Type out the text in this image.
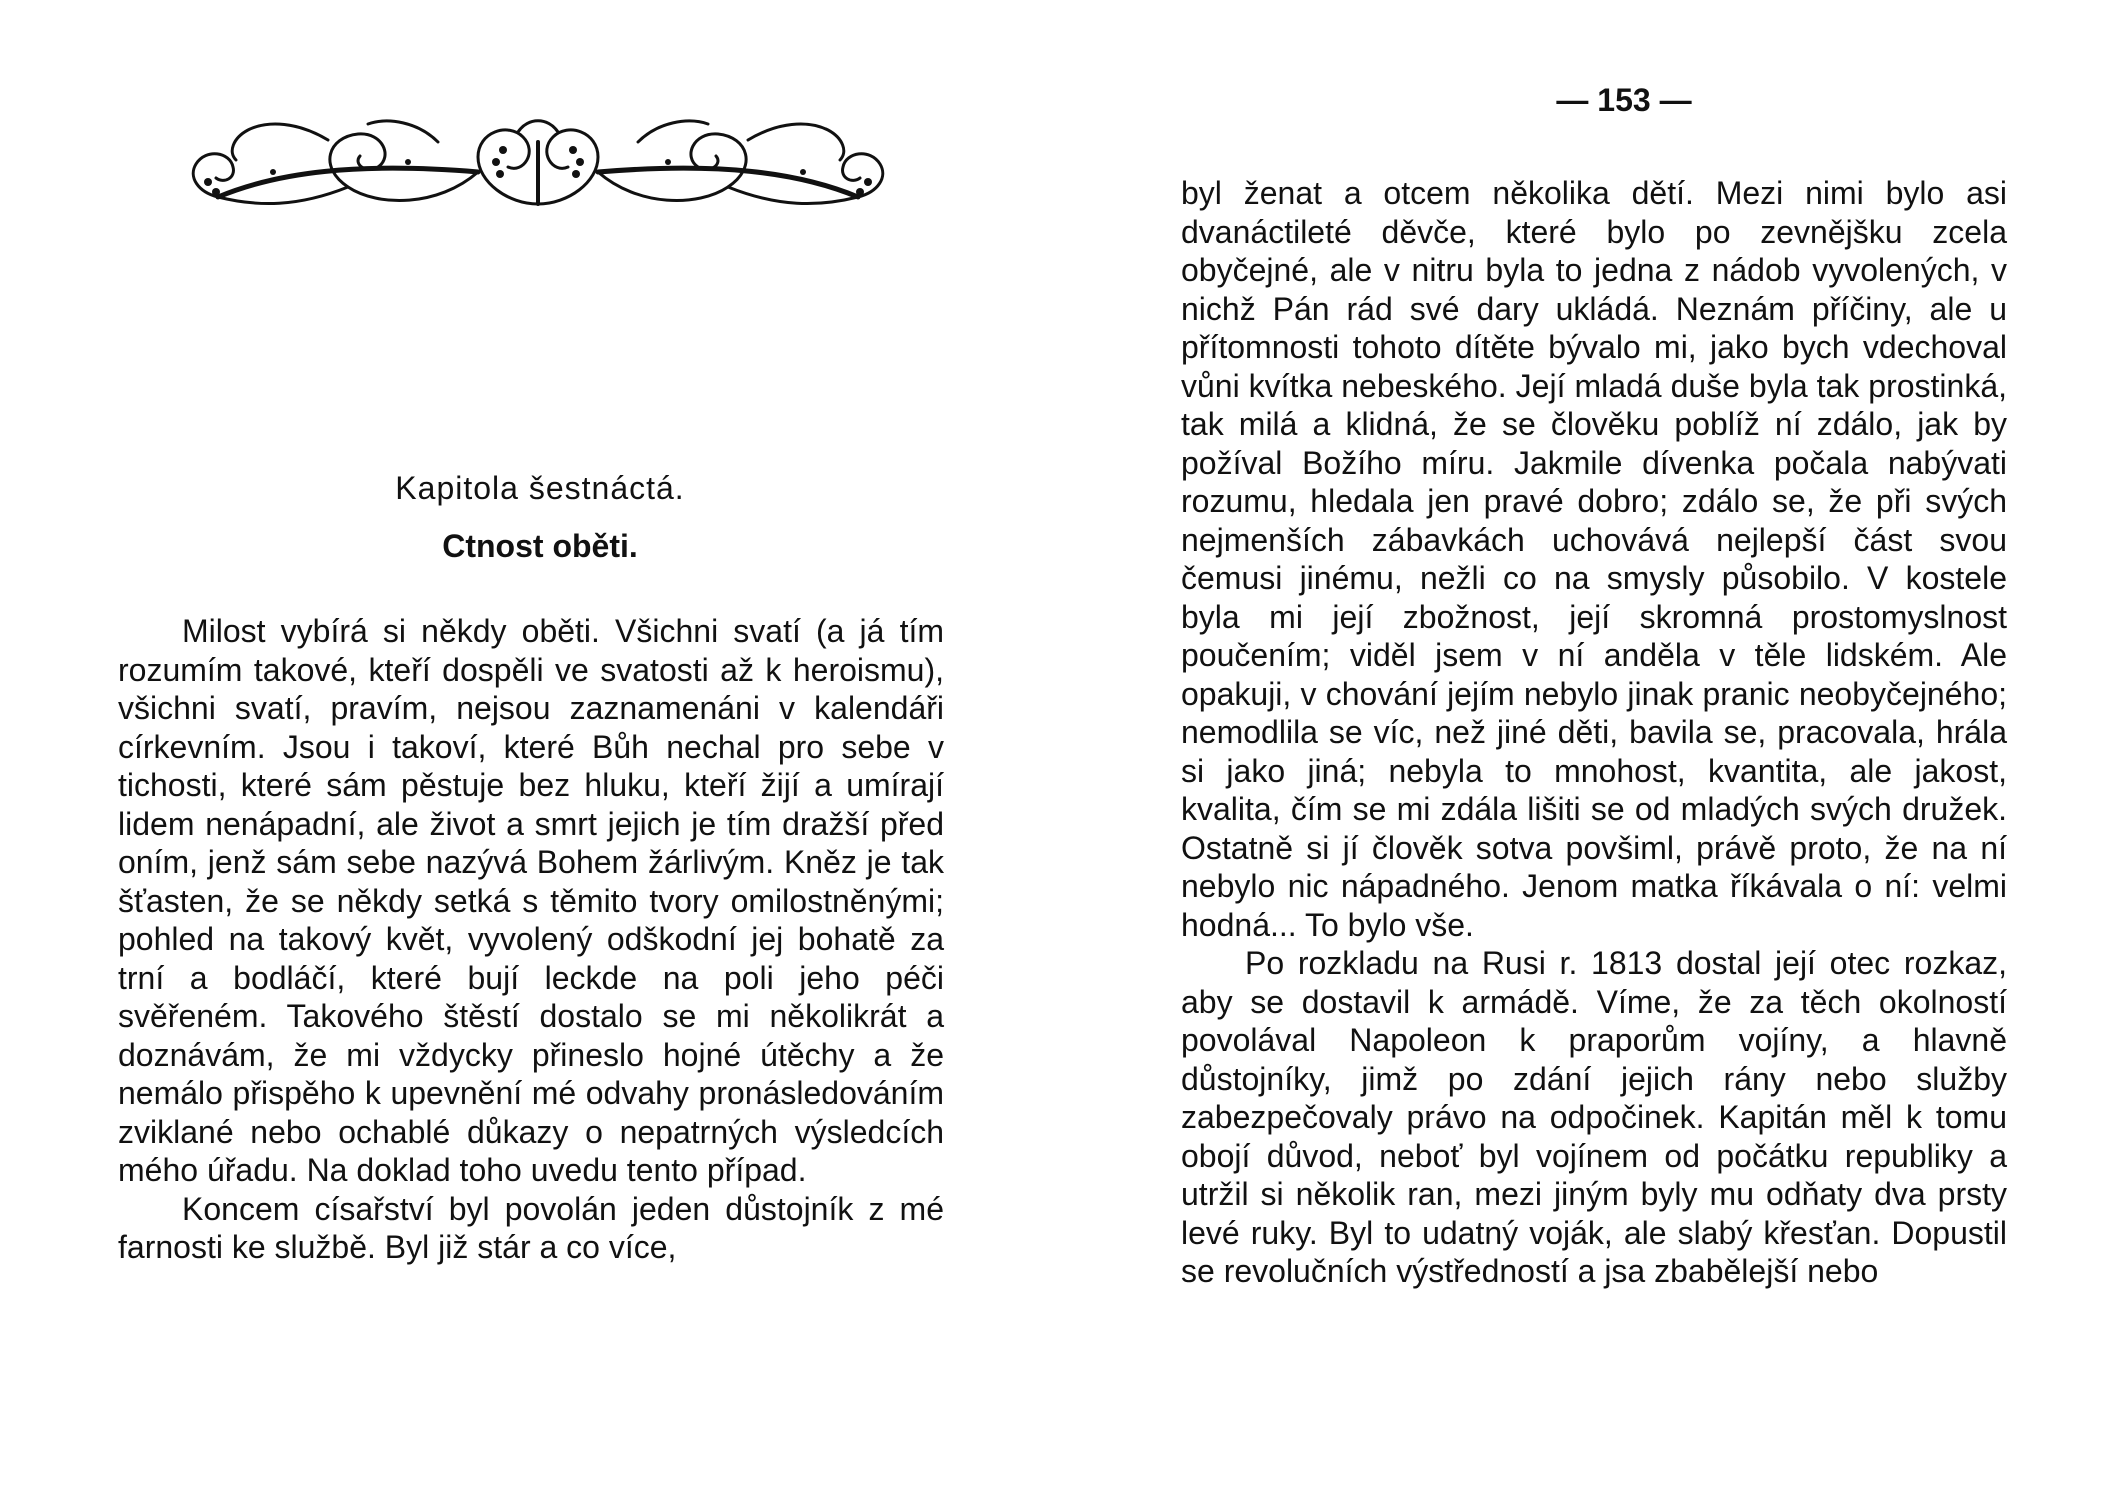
Kapitola šestnáctá.
Ctnost oběti.

Milost vybírá si někdy oběti. Všichni svatí (a já tím rozumím takové, kteří dospěli ve svatosti až k heroismu), všichni svatí, pravím, nejsou zaznamenáni v kalendáři církevním. Jsou i takoví, které Bůh nechal pro sebe v tichosti, které sám pěstuje bez hluku, kteří žijí a umírají lidem nenápadní, ale život a smrt jejich je tím dražší před oním, jenž sám sebe nazývá Bohem žárlivým. Kněz je tak šťasten, že se někdy setká s těmito tvory omilostněnými; pohled na takový květ, vyvolený odškodní jej bohatě za trní a bodláčí, které bují leckde na poli jeho péči svěřeném. Takového štěstí dostalo se mi několikrát a doznávám, že mi vždycky přineslo hojné útěchy a že nemálo přispěho k upevnění mé odvahy pronásledováním zviklané nebo ochablé důkazy o nepatrných výsledcích mého úřadu. Na doklad toho uvedu tento případ.

Koncem císařství byl povolán jeden důstojník z mé farnosti ke službě. Byl již stár a co více,

— 153 —

byl ženat a otcem několika dětí. Mezi nimi bylo asi dvanáctileté děvče, které bylo po zevnějšku zcela obyčejné, ale v nitru byla to jedna z nádob vyvolených, v nichž Pán rád své dary ukládá. Neznám příčiny, ale u přítomnosti tohoto dítěte bývalo mi, jako bych vdechoval vůni kvítka nebeského. Její mladá duše byla tak prostinká, tak milá a klidná, že se člověku poblíž ní zdálo, jak by požíval Božího míru. Jakmile dívenka počala nabývati rozumu, hledala jen pravé dobro; zdálo se, že při svých nejmenších zábavkách uchovává nejlepší část svou čemusi jinému, nežli co na smysly působilo. V kostele byla mi její zbožnost, její skromná prostomyslnost poučením; viděl jsem v ní anděla v těle lidském. Ale opakuji, v chování jejím nebylo jinak pranic neobyčejného; nemodlila se víc, než jiné děti, bavila se, pracovala, hrála si jako jiná; nebyla to mnohost, kvantita, ale jakost, kvalita, čím se mi zdála lišiti se od mladých svých družek. Ostatně si jí člověk sotva povšiml, právě proto, že na ní nebylo nic nápadného. Jenom matka říkávala o ní: velmi hodná... To bylo vše.

Po rozkladu na Rusi r. 1813 dostal její otec rozkaz, aby se dostavil k armádě. Víme, že za těch okolností povolával Napoleon k praporům vojíny, a hlavně důstojníky, jimž po zdání jejich rány nebo služby zabezpečovaly právo na odpočinek. Kapitán měl k tomu obojí důvod, neboť byl vojínem od počátku republiky a utržil si několik ran, mezi jiným byly mu odňaty dva prsty levé ruky. Byl to udatný voják, ale slabý křesťan. Dopustil se revolučních výstředností a jsa zbabělejší nebo
